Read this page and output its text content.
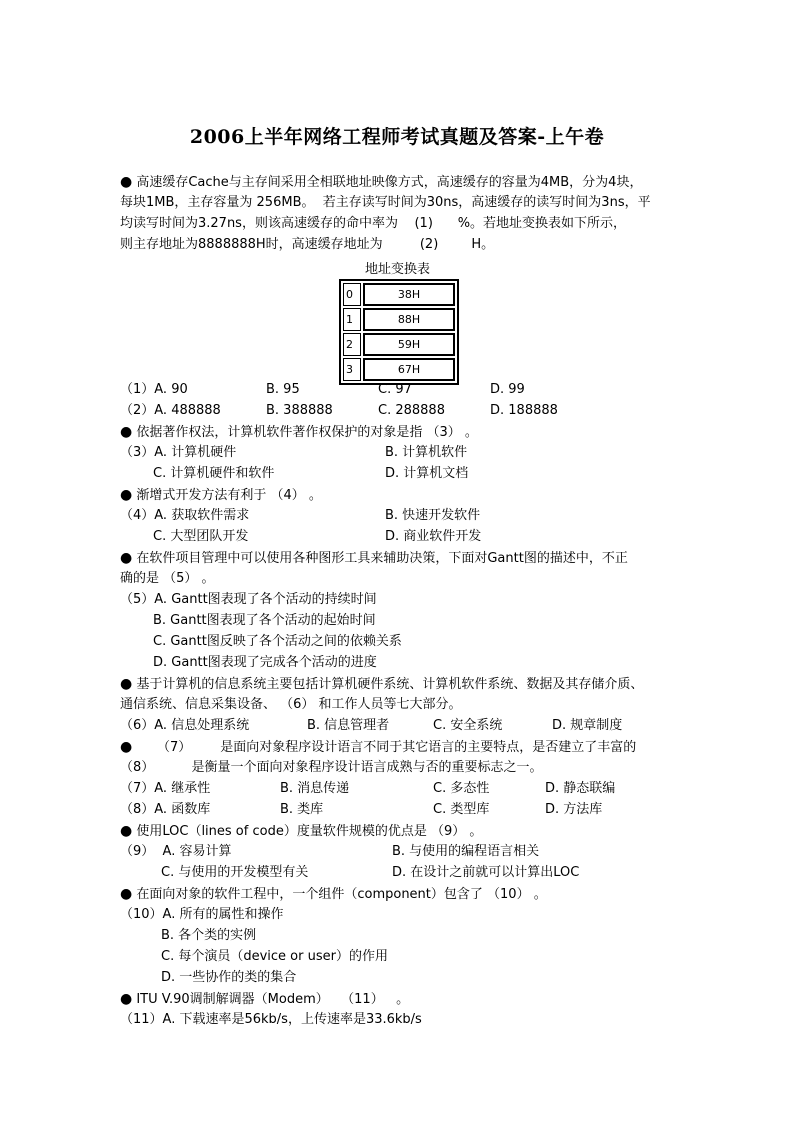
2006上半年网络工程师考试真题及答案-上午卷
● 高速缓存Cache与主存间采用全相联地址映像方式，高速缓存的容量为4MB，分为4块，
每块1MB，主存容量为 256MB。  若主存读写时间为30ns，高速缓存的读写时间为3ns，平
均读写时间为3.27ns，则该高速缓存的命中率为    (1)      %。若地址变换表如下所示，
则主存地址为8888888H时，高速缓存地址为         (2)        H。
地址变换表
0	38H
1	88H
2	59H
3	67H
（1）A. 90	B. 95	C. 97	D. 99
（2）A. 488888	B. 388888	C. 288888	D. 188888
● 依据著作权法，计算机软件著作权保护的对象是指 （3） 。
（3）A. 计算机硬件	B. 计算机软件
C. 计算机硬件和软件	D. 计算机文档
● 渐增式开发方法有利于 （4） 。
（4）A. 获取软件需求	B. 快速开发软件
C. 大型团队开发	D. 商业软件开发
● 在软件项目管理中可以使用各种图形工具来辅助决策，下面对Gantt图的描述中，不正
确的是 （5） 。
（5）A. Gantt图表现了各个活动的持续时间
B. Gantt图表现了各个活动的起始时间
C. Gantt图反映了各个活动之间的依赖关系
D. Gantt图表现了完成各个活动的进度
● 基于计算机的信息系统主要包括计算机硬件系统、计算机软件系统、数据及其存储介质、
通信系统、信息采集设备、 （6） 和工作人员等七大部分。
（6）A. 信息处理系统	B. 信息管理者	C. 安全系统	D. 规章制度
●      （7）       是面向对象程序设计语言不同于其它语言的主要特点，是否建立了丰富的
（8）         是衡量一个面向对象程序设计语言成熟与否的重要标志之一。
（7）A. 继承性	B. 消息传递	C. 多态性	D. 静态联编
（8）A. 函数库	B. 类库	C. 类型库	D. 方法库
● 使用LOC（lines of code）度量软件规模的优点是 （9） 。
（9）  A. 容易计算	B. 与使用的编程语言相关
C. 与使用的开发模型有关	D. 在设计之前就可以计算出LOC
● 在面向对象的软件工程中，一个组件（component）包含了 （10） 。
（10）A. 所有的属性和操作
B. 各个类的实例
C. 每个演员（device or user）的作用
D. 一些协作的类的集合
● ITU V.90调制解调器（Modem）   （11）   。
（11）A. 下载速率是56kb/s，上传速率是33.6kb/s
